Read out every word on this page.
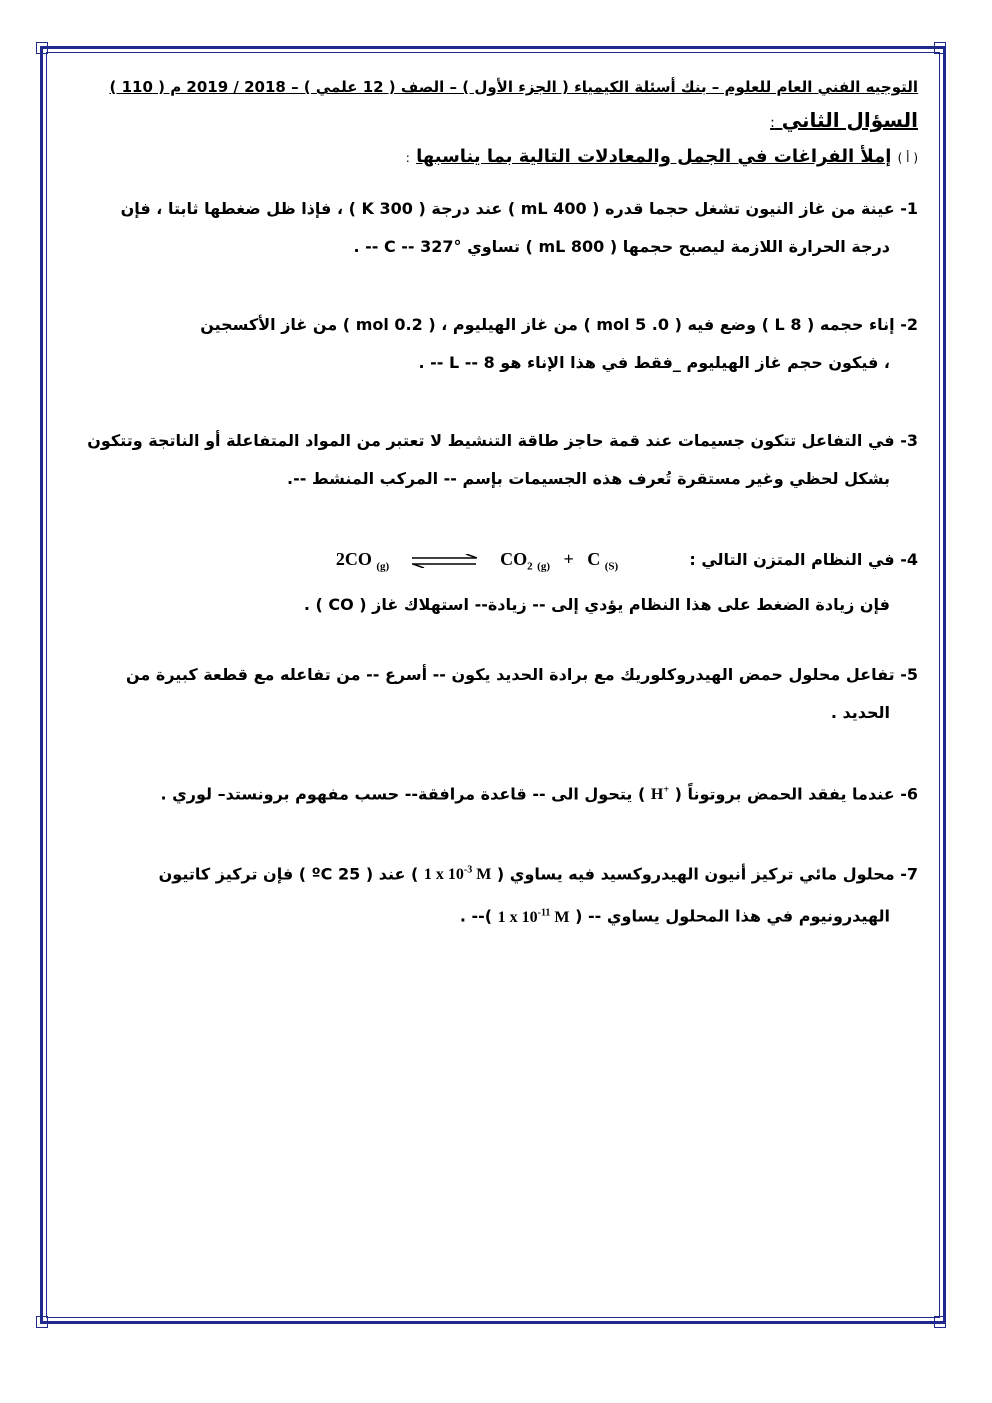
التوجيه الفني العام للعلوم – بنك أسئلة الكيمياء ( الجزء الأول ) – الصف ( 12 علمي ) – 2018 / 2019 م ( 110 )
السؤال الثاني :
( أ ) إملأ الفراغات في الجمل والمعادلات التالية بما يناسبها :
1- عينة من غاز النيون تشغل حجما قدره ( 400 mL ) عند درجة ( 300 K ) ، فإذا ظل ضغطها ثابتا ، فإن
درجة الحرارة اللازمة ليصبح حجمها ( 800 mL ) تساوي °C -- 327 -- .
2- إناء حجمه ( 8 L ) وضع فيه ( 0. 5 mol ) من غاز الهيليوم ، ( 0.2 mol ) من غاز الأكسجين
، فيكون حجم غاز الهيليوم _فقط في هذا الإناء هو L -- 8 -- .
3- في التفاعل تتكون جسيمات عند قمة حاجز طاقة التنشيط لا تعتبر من المواد المتفاعلة أو الناتجة وتتكون
بشكل لحظي وغير مستقرة تُعرف هذه الجسيمات بإسم -- المركب المنشط --.
4- في النظام المتزن التالي :  2CO $_{(g)}$ ⇌ $CO_2$ $_{(g)}$ + C $_{(S)}$
فإن زيادة الضغط على هذا النظام يؤدي إلى -- زيادة-- استهلاك غاز ( CO ) .
5- تفاعل محلول حمض الهيدروكلوريك مع برادة الحديد يكون -- أسرع -- من تفاعله مع قطعة كبيرة من
الحديد .
6- عندما يفقد الحمض بروتوناً ( H+ ) يتحول الى -- قاعدة مرافقة-- حسب مفهوم برونستد– لوري .
7- محلول مائي تركيز أنيون الهيدروكسيد فيه يساوي ( 1 x $10^{-3}$ M ) عند ( 25 ºC ) فإن تركيز كاتيون
الهيدرونيوم في هذا المحلول يساوي -- ( 1 x $10^{-11}$ M )-- .
